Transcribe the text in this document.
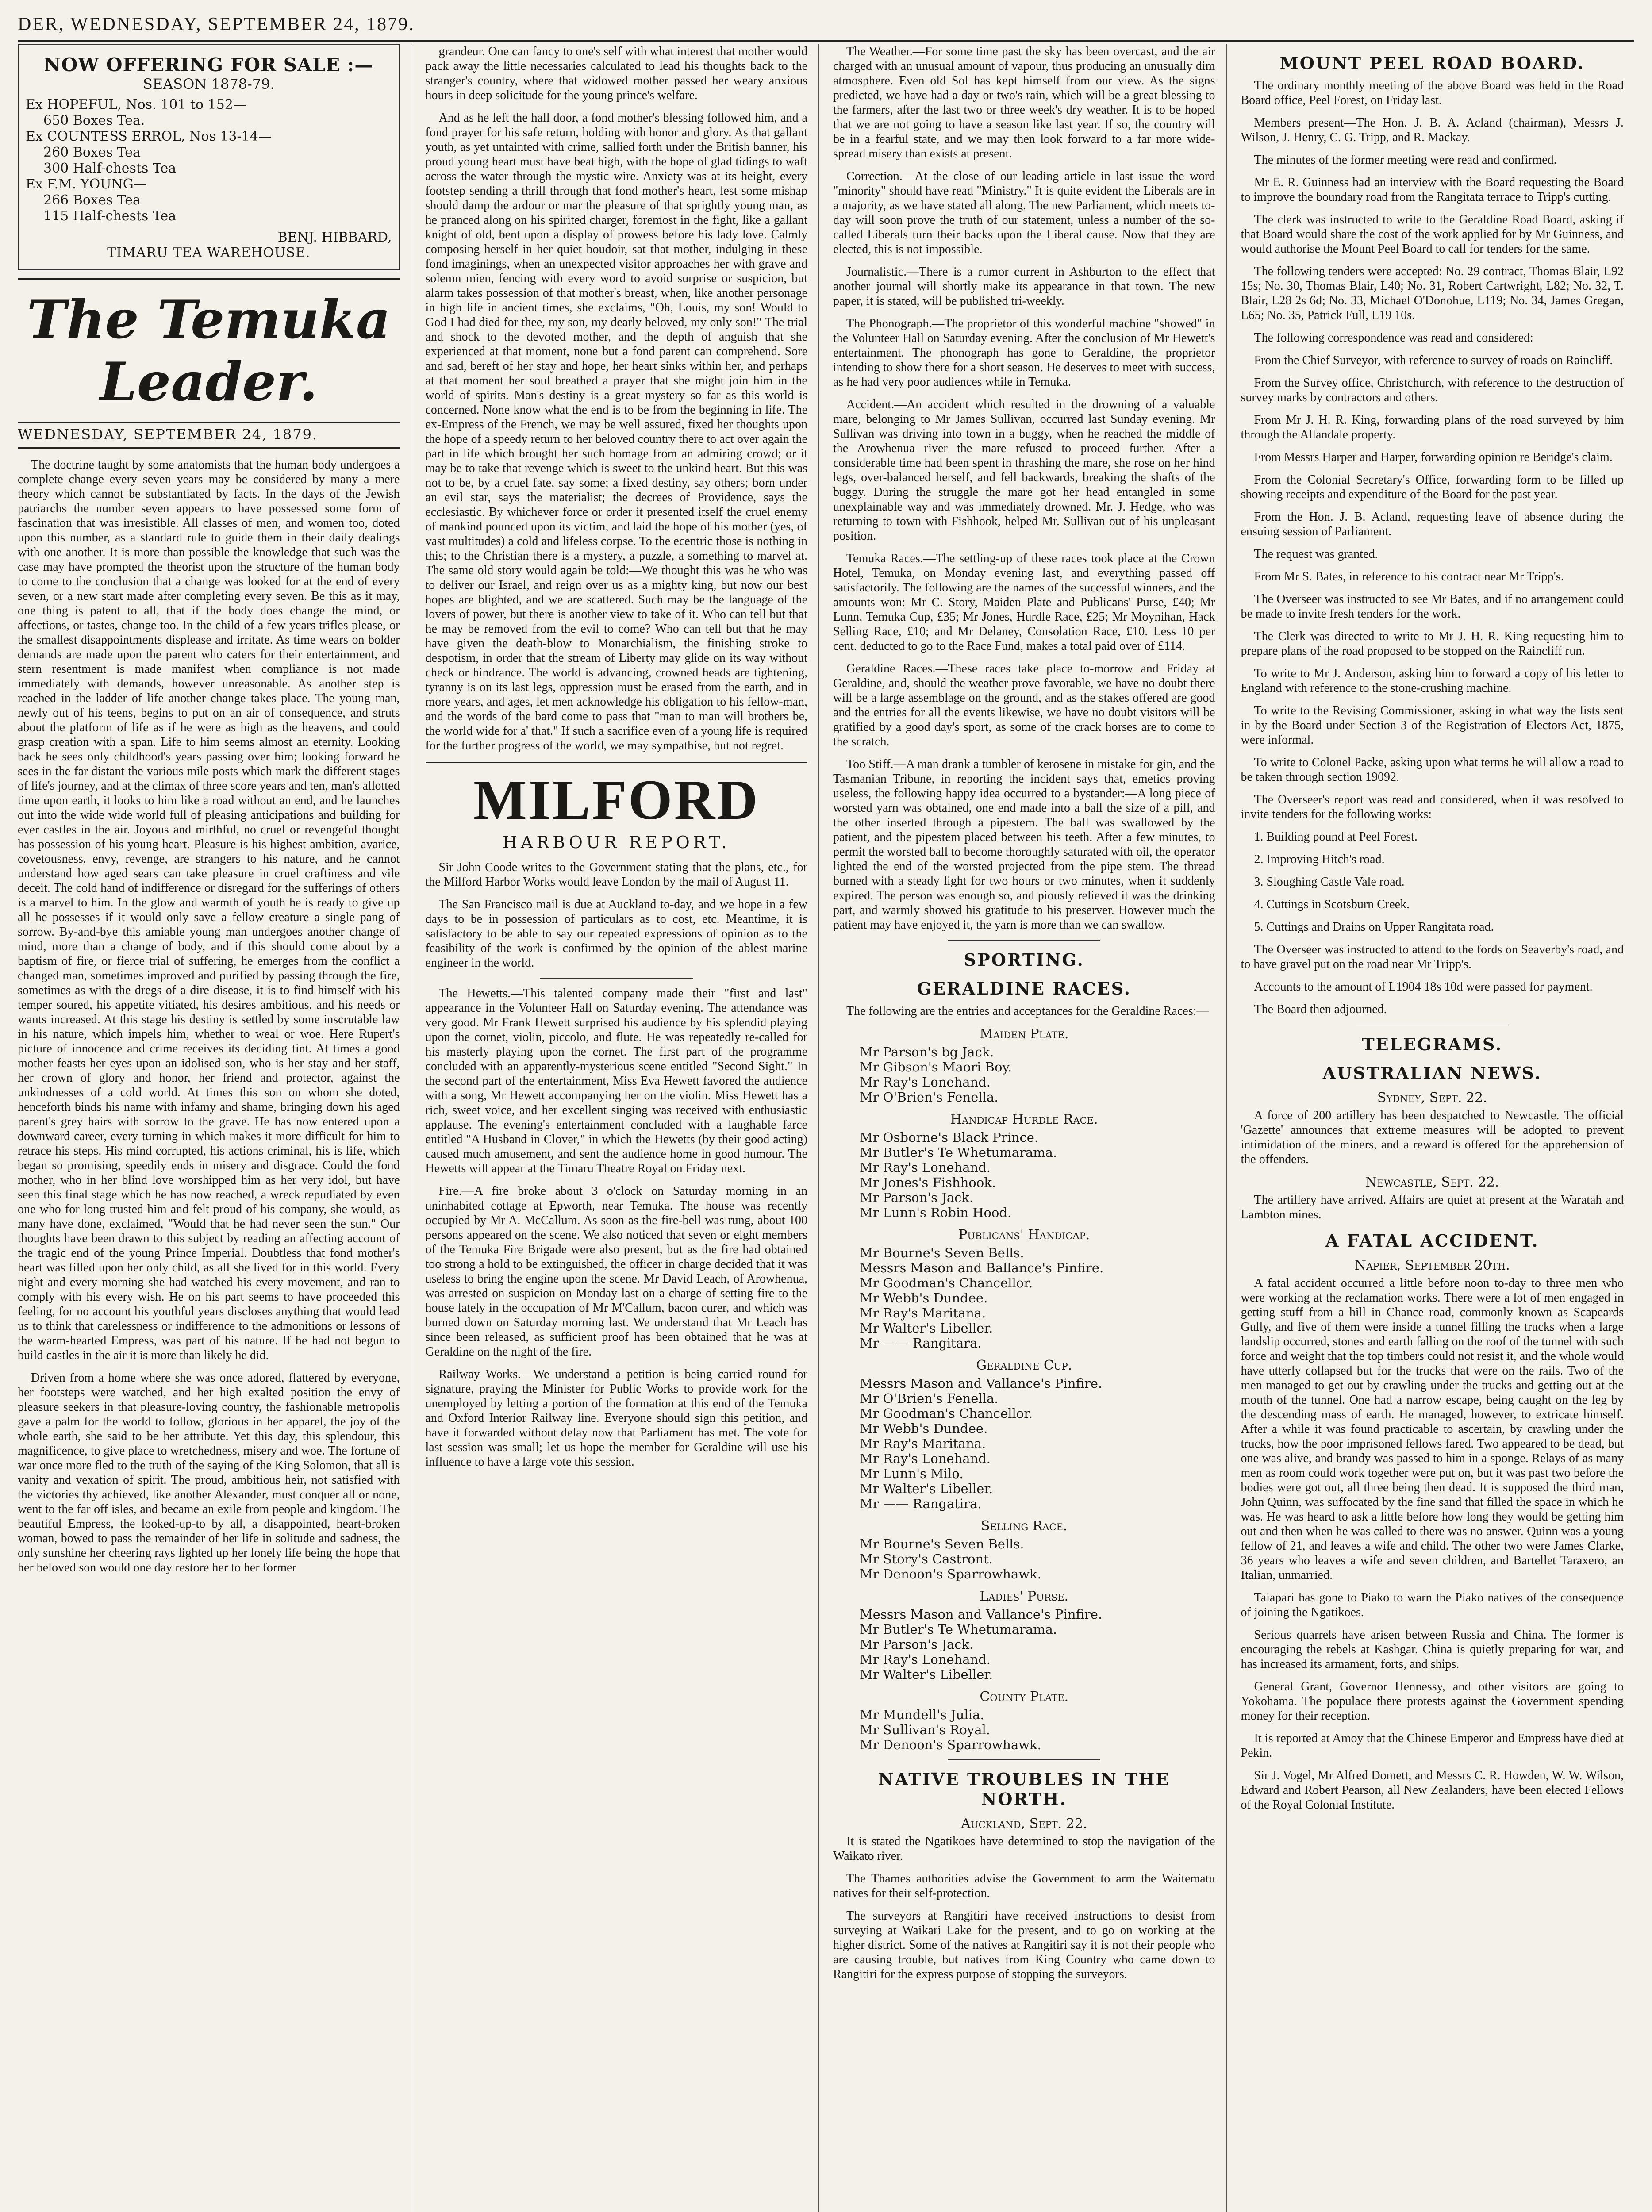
DER, WEDNESDAY, SEPTEMBER 24, 1879.
NOW OFFERING FOR SALE :—
SEASON 1878-79.
Ex HOPEFUL, Nos. 101 to 152—
650 Boxes Tea.
Ex COUNTESS ERROL, Nos 13-14—
260 Boxes Tea
300 Half-chests Tea
Ex F.M. YOUNG—
266 Boxes Tea
115 Half-chests Tea
BENJ. HIBBARD,
TIMARU TEA WAREHOUSE.
The Temuka Leader.
WEDNESDAY, SEPTEMBER 24, 1879.

The doctrine taught by some anatomists that the human body undergoes a complete change every seven years may be considered by many a mere theory which cannot be substantiated by facts. In the days of the Jewish patriarchs the number seven appears to have possessed some form of fascination that was irresistible. All classes of men, and women too, doted upon this number, as a standard rule to guide them in their daily dealings with one another. It is more than possible the knowledge that such was the case may have prompted the theorist upon the structure of the human body to come to the conclusion that a change was looked for at the end of every seven, or a new start made after completing every seven. Be this as it may, one thing is patent to all, that if the body does change the mind, or affections, or tastes, change too. In the child of a few years trifles please, or the smallest disappointments displease and irritate. As time wears on bolder demands are made upon the parent who caters for their entertainment, and stern resentment is made manifest when compliance is not made immediately with demands, however unreasonable. As another step is reached in the ladder of life another change takes place. The young man, newly out of his teens, begins to put on an air of consequence, and struts about the platform of life as if he were as high as the heavens, and could grasp creation with a span. Life to him seems almost an eternity. Looking back he sees only childhood's years passing over him; looking forward he sees in the far distant the various mile posts which mark the different stages of life's journey, and at the climax of three score years and ten, man's allotted time upon earth, it looks to him like a road without an end, and he launches out into the wide wide world full of pleasing anticipations and building for ever castles in the air. Joyous and mirthful, no cruel or revengeful thought has possession of his young heart. Pleasure is his highest ambition, avarice, covetousness, envy, revenge, are strangers to his nature, and he cannot understand how aged sears can take pleasure in cruel craftiness and vile deceit. The cold hand of indifference or disregard for the sufferings of others is a marvel to him. In the glow and warmth of youth he is ready to give up all he possesses if it would only save a fellow creature a single pang of sorrow. By-and-bye this amiable young man undergoes another change of mind, more than a change of body, and if this should come about by a baptism of fire, or fierce trial of suffering, he emerges from the conflict a changed man, sometimes improved and purified by passing through the fire, sometimes as with the dregs of a dire disease, it is to find himself with his temper soured, his appetite vitiated, his desires ambitious, and his needs or wants increased. At this stage his destiny is settled by some inscrutable law in his nature, which impels him, whether to weal or woe. Here Rupert's picture of innocence and crime receives its deciding tint. At times a good mother feasts her eyes upon an idolised son, who is her stay and her staff, her crown of glory and honor, her friend and protector, against the unkindnesses of a cold world. At times this son on whom she doted, henceforth binds his name with infamy and shame, bringing down his aged parent's grey hairs with sorrow to the grave. He has now entered upon a downward career, every turning in which makes it more difficult for him to retrace his steps. His mind corrupted, his actions criminal, his is life, which began so promising, speedily ends in misery and disgrace. Could the fond mother, who in her blind love worshipped him as her very idol, but have seen this final stage which he has now reached, a wreck repudiated by even one who for long trusted him and felt proud of his company, she would, as many have done, exclaimed, "Would that he had never seen the sun." Our thoughts have been drawn to this subject by reading an affecting account of the tragic end of the young Prince Imperial. Doubtless that fond mother's heart was filled upon her only child, as all she lived for in this world. Every night and every morning she had watched his every movement, and ran to comply with his every wish. He on his part seems to have proceeded this feeling, for no account his youthful years discloses anything that would lead us to think that carelessness or indifference to the admonitions or lessons of the warm-hearted Empress, was part of his nature. If he had not begun to build castles in the air it is more than likely he did.

Driven from a home where she was once adored, flattered by everyone, her footsteps were watched, and her high exalted position the envy of pleasure seekers in that pleasure-loving country, the fashionable metropolis gave a palm for the world to follow, glorious in her apparel, the joy of the whole earth, she said to be her attribute. Yet this day, this splendour, this magnificence, to give place to wretchedness, misery and woe. The fortune of war once more fled to the truth of the saying of the King Solomon, that all is vanity and vexation of spirit. The proud, ambitious heir, not satisfied with the victories thy achieved, like another Alexander, must conquer all or none, went to the far off isles, and became an exile from people and kingdom. The beautiful Empress, the looked-up-to by all, a disappointed, heart-broken woman, bowed to pass the remainder of her life in solitude and sadness, the only sunshine her cheering rays lighted up her lonely life being the hope that her beloved son would one day restore her to her former

grandeur. One can fancy to one's self with what interest that mother would pack away the little necessaries calculated to lead his thoughts back to the stranger's country, where that widowed mother passed her weary anxious hours in deep solicitude for the young prince's welfare.

And as he left the hall door, a fond mother's blessing followed him, and a fond prayer for his safe return, holding with honor and glory. As that gallant youth, as yet untainted with crime, sallied forth under the British banner, his proud young heart must have beat high, with the hope of glad tidings to waft across the water through the mystic wire. Anxiety was at its height, every footstep sending a thrill through that fond mother's heart, lest some mishap should damp the ardour or mar the pleasure of that sprightly young man, as he pranced along on his spirited charger, foremost in the fight, like a gallant knight of old, bent upon a display of prowess before his lady love. Calmly composing herself in her quiet boudoir, sat that mother, indulging in these fond imaginings, when an unexpected visitor approaches her with grave and solemn mien, fencing with every word to avoid surprise or suspicion, but alarm takes possession of that mother's breast, when, like another personage in high life in ancient times, she exclaims, "Oh, Louis, my son! Would to God I had died for thee, my son, my dearly beloved, my only son!" The trial and shock to the devoted mother, and the depth of anguish that she experienced at that moment, none but a fond parent can comprehend. Sore and sad, bereft of her stay and hope, her heart sinks within her, and perhaps at that moment her soul breathed a prayer that she might join him in the world of spirits. Man's destiny is a great mystery so far as this world is concerned. None know what the end is to be from the beginning in life. The ex-Empress of the French, we may be well assured, fixed her thoughts upon the hope of a speedy return to her beloved country there to act over again the part in life which brought her such homage from an admiring crowd; or it may be to take that revenge which is sweet to the unkind heart. But this was not to be, by a cruel fate, say some; a fixed destiny, say others; born under an evil star, says the materialist; the decrees of Providence, says the ecclesiastic. By whichever force or order it presented itself the cruel enemy of mankind pounced upon its victim, and laid the hope of his mother (yes, of vast multitudes) a cold and lifeless corpse. To the ecentric those is nothing in this; to the Christian there is a mystery, a puzzle, a something to marvel at. The same old story would again be told:—We thought this was he who was to deliver our Israel, and reign over us as a mighty king, but now our best hopes are blighted, and we are scattered. Such may be the language of the lovers of power, but there is another view to take of it. Who can tell but that he may be removed from the evil to come? Who can tell but that he may have given the death-blow to Monarchialism, the finishing stroke to despotism, in order that the stream of Liberty may glide on its way without check or hindrance. The world is advancing, crowned heads are tightening, tyranny is on its last legs, oppression must be erased from the earth, and in more years, and ages, let men acknowledge his obligation to his fellow-man, and the words of the bard come to pass that "man to man will brothers be, the world wide for a' that." If such a sacrifice even of a young life is required for the further progress of the world, we may sympathise, but not regret.

MILFORD
HARBOUR REPORT.

Sir John Coode writes to the Government stating that the plans, etc., for the Milford Harbor Works would leave London by the mail of August 11.

The San Francisco mail is due at Auckland to-day, and we hope in a few days to be in possession of particulars as to cost, etc. Meantime, it is satisfactory to be able to say our repeated expressions of opinion as to the feasibility of the work is confirmed by the opinion of the ablest marine engineer in the world.

The Hewetts.—This talented company made their "first and last" appearance in the Volunteer Hall on Saturday evening. The attendance was very good. Mr Frank Hewett surprised his audience by his splendid playing upon the cornet, violin, piccolo, and flute. He was repeatedly re-called for his masterly playing upon the cornet. The first part of the programme concluded with an apparently-mysterious scene entitled "Second Sight." In the second part of the entertainment, Miss Eva Hewett favored the audience with a song, Mr Hewett accompanying her on the violin. Miss Hewett has a rich, sweet voice, and her excellent singing was received with enthusiastic applause. The evening's entertainment concluded with a laughable farce entitled "A Husband in Clover," in which the Hewetts (by their good acting) caused much amusement, and sent the audience home in good humour. The Hewetts will appear at the Timaru Theatre Royal on Friday next.

Fire.—A fire broke about 3 o'clock on Saturday morning in an uninhabited cottage at Epworth, near Temuka. The house was recently occupied by Mr A. McCallum. As soon as the fire-bell was rung, about 100 persons appeared on the scene. We also noticed that seven or eight members of the Temuka Fire Brigade were also present, but as the fire had obtained too strong a hold to be extinguished, the officer in charge decided that it was useless to bring the engine upon the scene. Mr David Leach, of Arowhenua, was arrested on suspicion on Monday last on a charge of setting fire to the house lately in the occupation of Mr M'Callum, bacon curer, and which was burned down on Saturday morning last. We understand that Mr Leach has since been released, as sufficient proof has been obtained that he was at Geraldine on the night of the fire.

Railway Works.—We understand a petition is being carried round for signature, praying the Minister for Public Works to provide work for the unemployed by letting a portion of the formation at this end of the Temuka and Oxford Interior Railway line. Everyone should sign this petition, and have it forwarded without delay now that Parliament has met. The vote for last session was small; let us hope the member for Geraldine will use his influence to have a large vote this session.

The Weather.—For some time past the sky has been overcast, and the air charged with an unusual amount of vapour, thus producing an unusually dim atmosphere. Even old Sol has kept himself from our view. As the signs predicted, we have had a day or two's rain, which will be a great blessing to the farmers, after the last two or three week's dry weather. It is to be hoped that we are not going to have a season like last year. If so, the country will be in a fearful state, and we may then look forward to a far more wide-spread misery than exists at present.

Correction.—At the close of our leading article in last issue the word "minority" should have read "Ministry." It is quite evident the Liberals are in a majority, as we have stated all along. The new Parliament, which meets to-day will soon prove the truth of our statement, unless a number of the so-called Liberals turn their backs upon the Liberal cause. Now that they are elected, this is not impossible.

Journalistic.—There is a rumor current in Ashburton to the effect that another journal will shortly make its appearance in that town. The new paper, it is stated, will be published tri-weekly.

The Phonograph.—The proprietor of this wonderful machine "showed" in the Volunteer Hall on Saturday evening. After the conclusion of Mr Hewett's entertainment. The phonograph has gone to Geraldine, the proprietor intending to show there for a short season. He deserves to meet with success, as he had very poor audiences while in Temuka.

Accident.—An accident which resulted in the drowning of a valuable mare, belonging to Mr James Sullivan, occurred last Sunday evening. Mr Sullivan was driving into town in a buggy, when he reached the middle of the Arowhenua river the mare refused to proceed further. After a considerable time had been spent in thrashing the mare, she rose on her hind legs, over-balanced herself, and fell backwards, breaking the shafts of the buggy. During the struggle the mare got her head entangled in some unexplainable way and was immediately drowned. Mr. J. Hedge, who was returning to town with Fishhook, helped Mr. Sullivan out of his unpleasant position.

Temuka Races.—The settling-up of these races took place at the Crown Hotel, Temuka, on Monday evening last, and everything passed off satisfactorily. The following are the names of the successful winners, and the amounts won: Mr C. Story, Maiden Plate and Publicans' Purse, £40; Mr Lunn, Temuka Cup, £35; Mr Jones, Hurdle Race, £25; Mr Moynihan, Hack Selling Race, £10; and Mr Delaney, Consolation Race, £10. Less 10 per cent. deducted to go to the Race Fund, makes a total paid over of £114.

Geraldine Races.—These races take place to-morrow and Friday at Geraldine, and, should the weather prove favorable, we have no doubt there will be a large assemblage on the ground, and as the stakes offered are good and the entries for all the events likewise, we have no doubt visitors will be gratified by a good day's sport, as some of the crack horses are to come to the scratch.

Too Stiff.—A man drank a tumbler of kerosene in mistake for gin, and the Tasmanian Tribune, in reporting the incident says that, emetics proving useless, the following happy idea occurred to a bystander:—A long piece of worsted yarn was obtained, one end made into a ball the size of a pill, and the other inserted through a pipestem. The ball was swallowed by the patient, and the pipestem placed between his teeth. After a few minutes, to permit the worsted ball to become thoroughly saturated with oil, the operator lighted the end of the worsted projected from the pipe stem. The thread burned with a steady light for two hours or two minutes, when it suddenly expired. The person was enough so, and piously relieved it was the drinking part, and warmly showed his gratitude to his preserver. However much the patient may have enjoyed it, the yarn is more than we can swallow.

SPORTING.
GERALDINE RACES.

The following are the entries and acceptances for the Geraldine Races:—

Maiden Plate.
Mr Parson's bg Jack.
Mr Gibson's Maori Boy.
Mr Ray's Lonehand.
Mr O'Brien's Fenella.
Handicap Hurdle Race.
Mr Osborne's Black Prince.
Mr Butler's Te Whetumarama.
Mr Ray's Lonehand.
Mr Jones's Fishhook.
Mr Parson's Jack.
Mr Lunn's Robin Hood.
Publicans' Handicap.
Mr Bourne's Seven Bells.
Messrs Mason and Ballance's Pinfire.
Mr Goodman's Chancellor.
Mr Webb's Dundee.
Mr Ray's Maritana.
Mr Walter's Libeller.
Mr —— Rangitara.
Geraldine Cup.
Messrs Mason and Vallance's Pinfire.
Mr O'Brien's Fenella.
Mr Goodman's Chancellor.
Mr Webb's Dundee.
Mr Ray's Maritana.
Mr Ray's Lonehand.
Mr Lunn's Milo.
Mr Walter's Libeller.
Mr —— Rangatira.
Selling Race.
Mr Bourne's Seven Bells.
Mr Story's Castront.
Mr Denoon's Sparrowhawk.
Ladies' Purse.
Messrs Mason and Vallance's Pinfire.
Mr Butler's Te Whetumarama.
Mr Parson's Jack.
Mr Ray's Lonehand.
Mr Walter's Libeller.
County Plate.
Mr Mundell's Julia.
Mr Sullivan's Royal.
Mr Denoon's Sparrowhawk.
NATIVE TROUBLES IN THE NORTH.
Auckland, Sept. 22.

It is stated the Ngatikoes have determined to stop the navigation of the Waikato river.

The Thames authorities advise the Government to arm the Waitematu natives for their self-protection.

The surveyors at Rangitiri have received instructions to desist from surveying at Waikari Lake for the present, and to go on working at the higher district. Some of the natives at Rangitiri say it is not their people who are causing trouble, but natives from King Country who came down to Rangitiri for the express purpose of stopping the surveyors.

MOUNT PEEL ROAD BOARD.

The ordinary monthly meeting of the above Board was held in the Road Board office, Peel Forest, on Friday last.

Members present—The Hon. J. B. A. Acland (chairman), Messrs J. Wilson, J. Henry, C. G. Tripp, and R. Mackay.

The minutes of the former meeting were read and confirmed.

Mr E. R. Guinness had an interview with the Board requesting the Board to improve the boundary road from the Rangitata terrace to Tripp's cutting.

The clerk was instructed to write to the Geraldine Road Board, asking if that Board would share the cost of the work applied for by Mr Guinness, and would authorise the Mount Peel Board to call for tenders for the same.

The following tenders were accepted: No. 29 contract, Thomas Blair, L92 15s; No. 30, Thomas Blair, L40; No. 31, Robert Cartwright, L82; No. 32, T. Blair, L28 2s 6d; No. 33, Michael O'Donohue, L119; No. 34, James Gregan, L65; No. 35, Patrick Full, L19 10s.

The following correspondence was read and considered:

From the Chief Surveyor, with reference to survey of roads on Raincliff.

From the Survey office, Christchurch, with reference to the destruction of survey marks by contractors and others.

From Mr J. H. R. King, forwarding plans of the road surveyed by him through the Allandale property.

From Messrs Harper and Harper, forwarding opinion re Beridge's claim.

From the Colonial Secretary's Office, forwarding form to be filled up showing receipts and expenditure of the Board for the past year.

From the Hon. J. B. Acland, requesting leave of absence during the ensuing session of Parliament.

The request was granted.

From Mr S. Bates, in reference to his contract near Mr Tripp's.

The Overseer was instructed to see Mr Bates, and if no arrangement could be made to invite fresh tenders for the work.

The Clerk was directed to write to Mr J. H. R. King requesting him to prepare plans of the road proposed to be stopped on the Raincliff run.

To write to Mr J. Anderson, asking him to forward a copy of his letter to England with reference to the stone-crushing machine.

To write to the Revising Commissioner, asking in what way the lists sent in by the Board under Section 3 of the Registration of Electors Act, 1875, were informal.

To write to Colonel Packe, asking upon what terms he will allow a road to be taken through section 19092.

The Overseer's report was read and considered, when it was resolved to invite tenders for the following works:

1. Building pound at Peel Forest.

2. Improving Hitch's road.

3. Sloughing Castle Vale road.

4. Cuttings in Scotsburn Creek.

5. Cuttings and Drains on Upper Rangitata road.

The Overseer was instructed to attend to the fords on Seaverby's road, and to have gravel put on the road near Mr Tripp's.

Accounts to the amount of L1904 18s 10d were passed for payment.

The Board then adjourned.

TELEGRAMS.
AUSTRALIAN NEWS.
Sydney, Sept. 22.

A force of 200 artillery has been despatched to Newcastle. The official 'Gazette' announces that extreme measures will be adopted to prevent intimidation of the miners, and a reward is offered for the apprehension of the offenders.

Newcastle, Sept. 22.

The artillery have arrived. Affairs are quiet at present at the Waratah and Lambton mines.

A FATAL ACCIDENT.
Napier, September 20th.

A fatal accident occurred a little before noon to-day to three men who were working at the reclamation works. There were a lot of men engaged in getting stuff from a hill in Chance road, commonly known as Scapeards Gully, and five of them were inside a tunnel filling the trucks when a large landslip occurred, stones and earth falling on the roof of the tunnel with such force and weight that the top timbers could not resist it, and the whole would have utterly collapsed but for the trucks that were on the rails. Two of the men managed to get out by crawling under the trucks and getting out at the mouth of the tunnel. One had a narrow escape, being caught on the leg by the descending mass of earth. He managed, however, to extricate himself. After a while it was found practicable to ascertain, by crawling under the trucks, how the poor imprisoned fellows fared. Two appeared to be dead, but one was alive, and brandy was passed to him in a sponge. Relays of as many men as room could work together were put on, but it was past two before the bodies were got out, all three being then dead. It is supposed the third man, John Quinn, was suffocated by the fine sand that filled the space in which he was. He was heard to ask a little before how long they would be getting him out and then when he was called to there was no answer. Quinn was a young fellow of 21, and leaves a wife and child. The other two were James Clarke, 36 years who leaves a wife and seven children, and Bartellet Taraxero, an Italian, unmarried.

Taiapari has gone to Piako to warn the Piako natives of the consequence of joining the Ngatikoes.

Serious quarrels have arisen between Russia and China. The former is encouraging the rebels at Kashgar. China is quietly preparing for war, and has increased its armament, forts, and ships.

General Grant, Governor Hennessy, and other visitors are going to Yokohama. The populace there protests against the Government spending money for their reception.

It is reported at Amoy that the Chinese Emperor and Empress have died at Pekin.

Sir J. Vogel, Mr Alfred Domett, and Messrs C. R. Howden, W. W. Wilson, Edward and Robert Pearson, all New Zealanders, have been elected Fellows of the Royal Colonial Institute.
